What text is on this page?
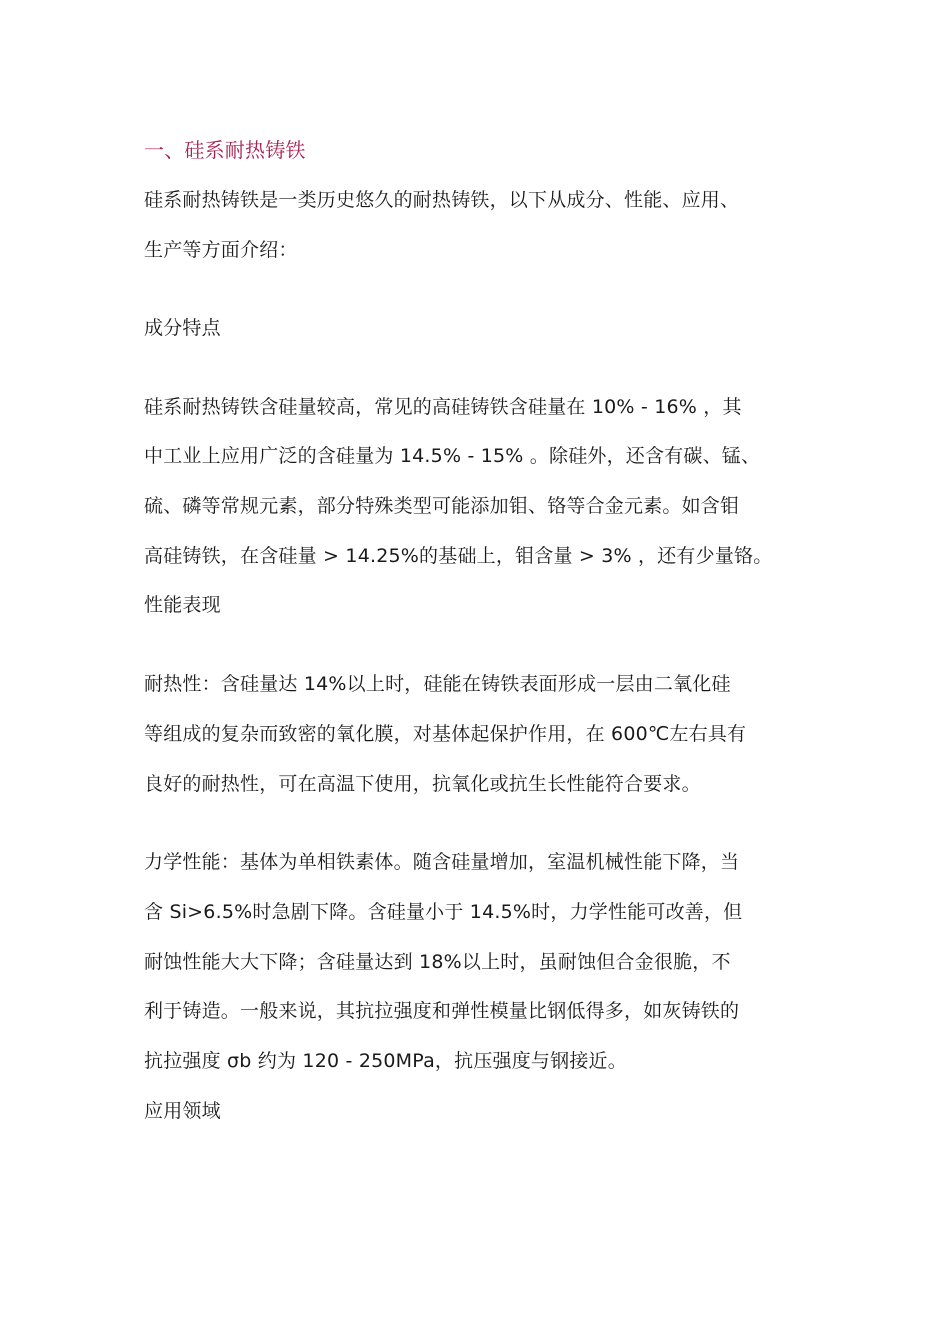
一、硅系耐热铸铁
硅系耐热铸铁是一类历史悠久的耐热铸铁，以下从成分、性能、应用、
生产等方面介绍：
成分特点
硅系耐热铸铁含硅量较高，常见的高硅铸铁含硅量在 10% - 16% ，其
中工业上应用广泛的含硅量为 14.5% - 15% 。除硅外，还含有碳、锰、
硫、磷等常规元素，部分特殊类型可能添加钼、铬等合金元素。如含钼
高硅铸铁，在含硅量 > 14.25%的基础上，钼含量 > 3% ，还有少量铬。
性能表现
耐热性：含硅量达 14%以上时，硅能在铸铁表面形成一层由二氧化硅
等组成的复杂而致密的氧化膜，对基体起保护作用，在 600℃左右具有
良好的耐热性，可在高温下使用，抗氧化或抗生长性能符合要求。
力学性能：基体为单相铁素体。随含硅量增加，室温机械性能下降，当
含 Si>6.5%时急剧下降。含硅量小于 14.5%时，力学性能可改善，但
耐蚀性能大大下降；含硅量达到 18%以上时，虽耐蚀但合金很脆，不
利于铸造。一般来说，其抗拉强度和弹性模量比钢低得多，如灰铸铁的
抗拉强度 σb 约为 120 - 250MPa，抗压强度与钢接近。
应用领域
